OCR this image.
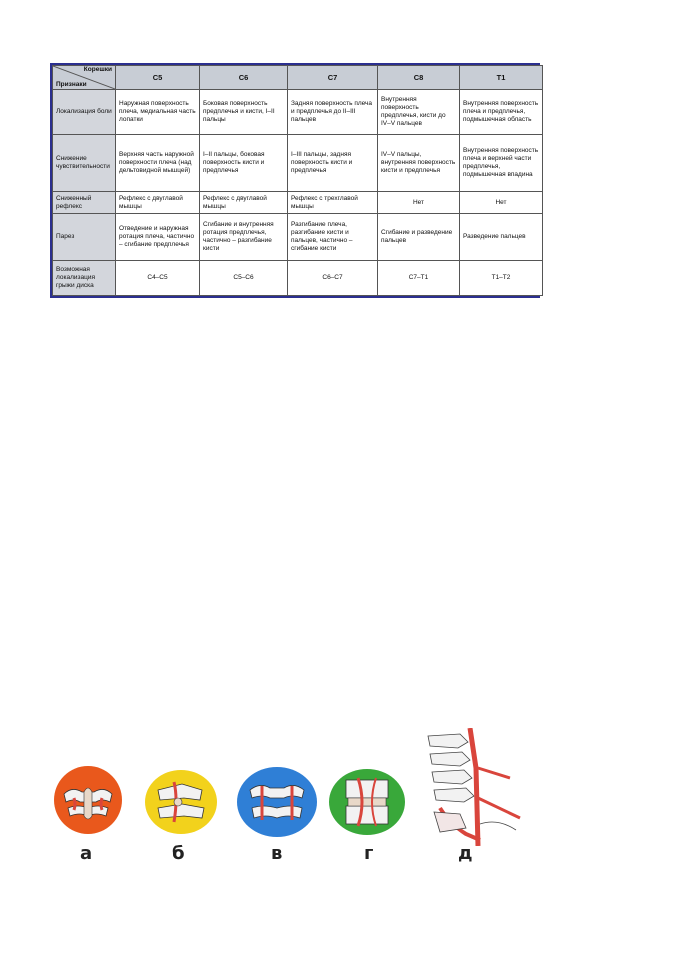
Корешки
Признаки	C5	C6	C7	C8	T1
Локализация боли	Наружная поверхность плеча, медиальная часть лопатки	Боковая поверхность предплечья и кисти, I–II пальцы	Задняя поверхность плеча и предплечья до II–III пальцев	Внутренняя поверхность предплечья, кисти до IV–V пальцев	Внутренняя поверхность плеча и предплечья, подмышечная область
Снижение чувствительности	Верхняя часть наружной поверхности плеча (над дельтовидной мышцей)	I–II пальцы, боковая поверхность кисти и предплечья	I–III пальцы, задняя поверхность кисти и предплечья	IV–V пальцы, внутренняя поверхность кисти и предплечья	Внутренняя поверхность плеча и верхней части предплечья, подмышечная впадина
Сниженный рефлекс	Рефлекс с двуглавой мышцы	Рефлекс с двуглавой мышцы	Рефлекс с трехглавой мышцы	Нет	Нет
Парез	Отведение и наружная ротация плеча, частично – сгибание предплечья	Сгибание и внутренняя ротация предплечья, частично – разгибание кисти	Разгибание плеча, разгибание кисти и пальцев, частично – сгибание кисти	Сгибание и разведение пальцев	Разведение пальцев
Возможная локализация грыжи диска	C4–C5	C5–C6	C6–C7	C7–T1	T1–T2
а	б	в	г	д
